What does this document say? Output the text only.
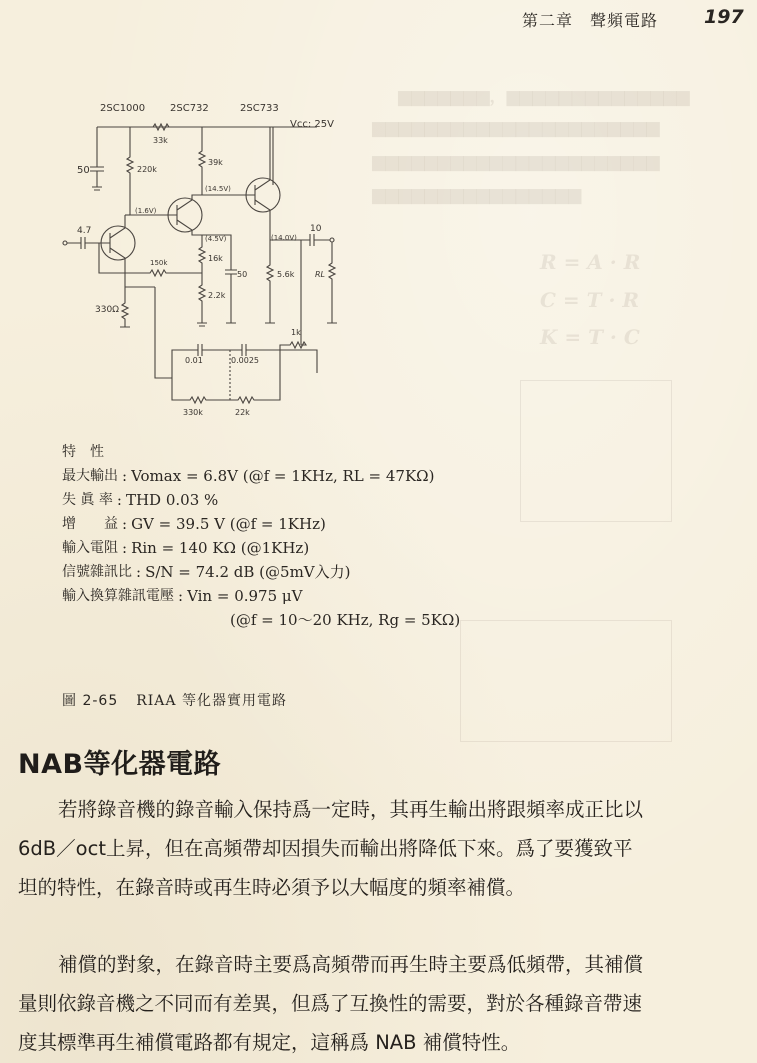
▆▆▆▆▆▆▆，▆▆▆▆▆▆▆▆▆▆▆▆▆▆
▆▆▆▆▆▆▆▆▆▆▆▆▆▆▆▆▆▆▆▆▆▆
▆▆▆▆▆▆▆▆▆▆▆▆▆▆▆▆▆▆▆▆▆▆
▆▆▆▆▆▆▆▆▆▆▆▆▆▆▆▆
R = A · R
C = T · R
K = T · C
第二章　聲頻電路 197
2SC1000 2SC732	2SC733
Vcc: 25V
33k
50	220k
39k
(1.6V)
4.7
(14.5V)
(4.5V)
16k
2.2k
50	5.6k
(14.0V)
10
RL
150k
330Ω
0.01	0.0025
330k	22k
1k
特　性
最大輸出 : Vomax = 6.8V (@f = 1KHz, RL = 47KΩ)
失 眞 率 : THD 0.03 %
增　　益 : GV = 39.5 V (@f = 1KHz)
輸入電阻 : Rin = 140 KΩ (@1KHz)
信號雜訊比 : S/N = 74.2 dB (@5mV入力)
輸入換算雜訊電壓 : Vin = 0.975 μV
(@f = 10～20 KHz, Rg = 5KΩ)
圖 2-65 RIAA 等化器實用電路
NAB等化器電路
若將錄音機的錄音輸入保持爲一定時，其再生輸出將跟頻率成正比以
6dB／oct上昇，但在高頻帶却因損失而輸出將降低下來。爲了要獲致平
坦的特性，在錄音時或再生時必須予以大幅度的頻率補償。
補償的對象，在錄音時主要爲高頻帶而再生時主要爲低頻帶，其補償
量則依錄音機之不同而有差異，但爲了互換性的需要，對於各種錄音帶速
度其標準再生補償電路都有規定，這稱爲 NAB 補償特性。
